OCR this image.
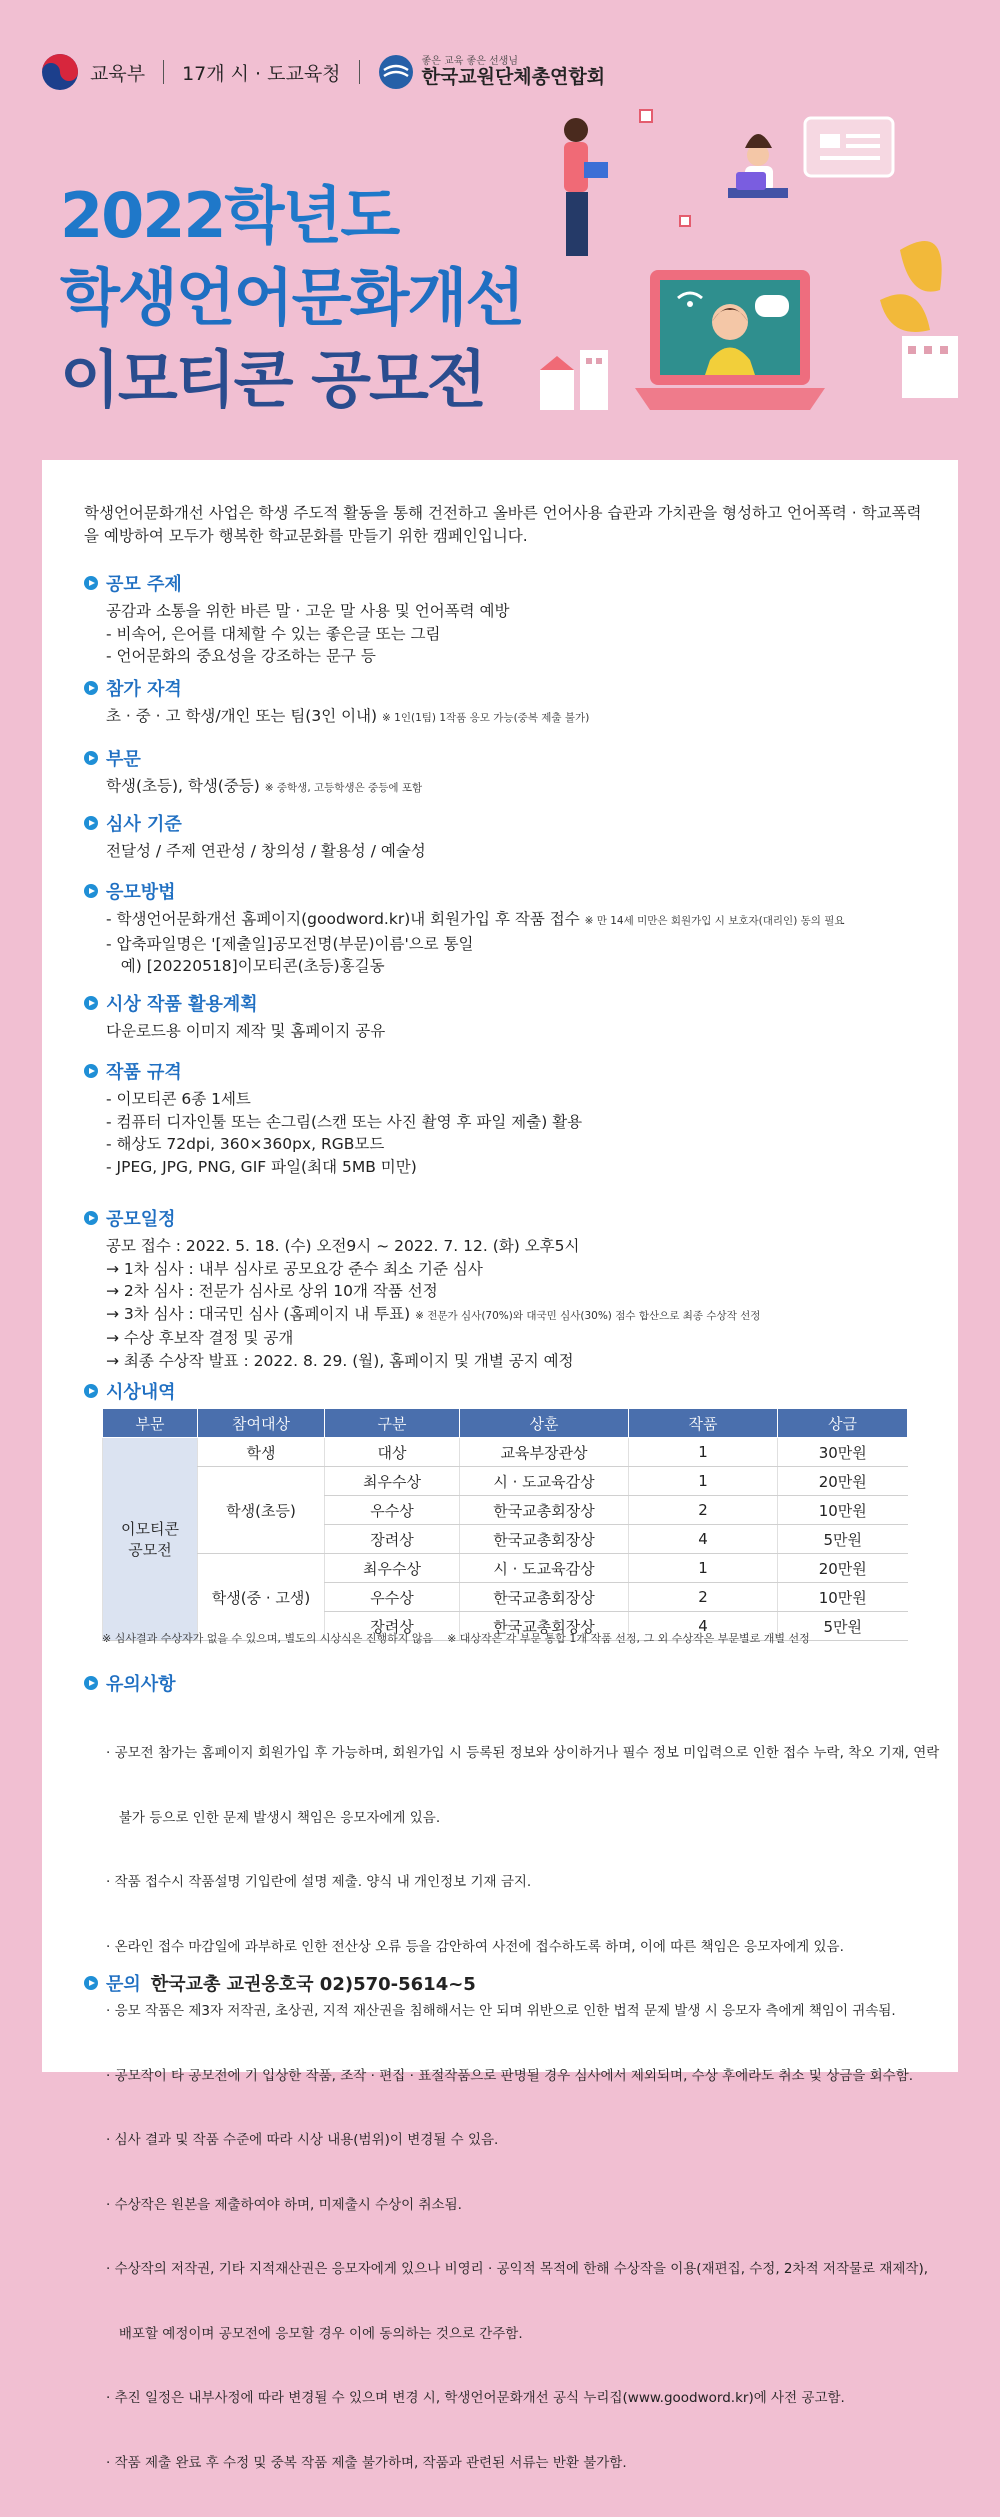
교육부 17개 시 · 도교육청
좋은 교육 좋은 선생님
한국교원단체총연합회
2022학년도
학생언어문화개선
이모티콘 공모전
학생언어문화개선 사업은 학생 주도적 활동을 통해 건전하고 올바른 언어사용 습관과 가치관을 형성하고 언어폭력 · 학교폭력을 예방하여 모두가 행복한 학교문화를 만들기 위한 캠페인입니다.
공모 주제
공감과 소통을 위한 바른 말 · 고운 말 사용 및 언어폭력 예방
- 비속어, 은어를 대체할 수 있는 좋은글 또는 그림
- 언어문화의 중요성을 강조하는 문구 등
참가 자격
초 · 중 · 고 학생/개인 또는 팀(3인 이내) ※ 1인(1팀) 1작품 응모 가능(중복 제출 불가)
부문
학생(초등), 학생(중등) ※ 중학생, 고등학생은 중등에 포함
심사 기준
전달성 / 주제 연관성 / 창의성 / 활용성 / 예술성
응모방법
- 학생언어문화개선 홈페이지(goodword.kr)내 회원가입 후 작품 접수 ※ 만 14세 미만은 회원가입 시 보호자(대리인) 동의 필요
- 압축파일명은 '[제출일]공모전명(부문)이름'으로 통일
예) [20220518]이모티콘(초등)홍길동
시상 작품 활용계획
다운로드용 이미지 제작 및 홈페이지 공유
작품 규격
- 이모티콘 6종 1세트
- 컴퓨터 디자인툴 또는 손그림(스캔 또는 사진 촬영 후 파일 제출) 활용
- 해상도 72dpi, 360×360px, RGB모드
- JPEG, JPG, PNG, GIF 파일(최대 5MB 미만)
공모일정
공모 접수 : 2022. 5. 18. (수) 오전9시 ~ 2022. 7. 12. (화) 오후5시
→ 1차 심사 : 내부 심사로 공모요강 준수 최소 기준 심사
→ 2차 심사 : 전문가 심사로 상위 10개 작품 선정
→ 3차 심사 : 대국민 심사 (홈페이지 내 투표) ※ 전문가 심사(70%)와 대국민 심사(30%) 점수 합산으로 최종 수상작 선정
→ 수상 후보작 결정 및 공개
→ 최종 수상작 발표 : 2022. 8. 29. (월), 홈페이지 및 개별 공지 예정
시상내역
부문	참여대상	구분	상훈	작품	상금
이모티콘
공모전	학생	대상	교육부장관상	1	30만원
	학생(초등)	최우수상	시 · 도교육감상	1	20만원
		우수상	한국교총회장상	2	10만원
		장려상	한국교총회장상	4	5만원
	학생(중 · 고생)	최우수상	시 · 도교육감상	1	20만원
		우수상	한국교총회장상	2	10만원
		장려상	한국교총회장상	4	5만원
※ 심사결과 수상자가 없을 수 있으며, 별도의 시상식은 진행하지 않음    ※ 대상작은 각 부문 통합 1개 작품 선정, 그 외 수상작은 부문별로 개별 선정
유의사항

· 공모전 참가는 홈페이지 회원가입 후 가능하며, 회원가입 시 등록된 정보와 상이하거나 필수 정보 미입력으로 인한 접수 누락, 착오 기재, 연락

불가 등으로 인한 문제 발생시 책임은 응모자에게 있음.

· 작품 접수시 작품설명 기입란에 설명 제출. 양식 내 개인정보 기재 금지.

· 온라인 접수 마감일에 과부하로 인한 전산상 오류 등을 감안하여 사전에 접수하도록 하며, 이에 따른 책임은 응모자에게 있음.

· 응모 작품은 제3자 저작권, 초상권, 지적 재산권을 침해해서는 안 되며 위반으로 인한 법적 문제 발생 시 응모자 측에게 책임이 귀속됨.

· 공모작이 타 공모전에 기 입상한 작품, 조작 · 편집 · 표절작품으로 판명될 경우 심사에서 제외되며, 수상 후에라도 취소 및 상금을 회수함.

· 심사 결과 및 작품 수준에 따라 시상 내용(범위)이 변경될 수 있음.

· 수상작은 원본을 제출하여야 하며, 미제출시 수상이 취소됨.

· 수상작의 저작권, 기타 지적재산권은 응모자에게 있으나 비영리 · 공익적 목적에 한해 수상작을 이용(재편집, 수정, 2차적 저작물로 재제작),

배포할 예정이며 공모전에 응모할 경우 이에 동의하는 것으로 간주함.

· 추진 일정은 내부사정에 따라 변경될 수 있으며 변경 시, 학생언어문화개선 공식 누리집(www.goodword.kr)에 사전 공고함.

· 작품 제출 완료 후 수정 및 중복 작품 제출 불가하며, 작품과 관련된 서류는 반환 불가함.

문의 한국교총 교권옹호국 02)570-5614~5
